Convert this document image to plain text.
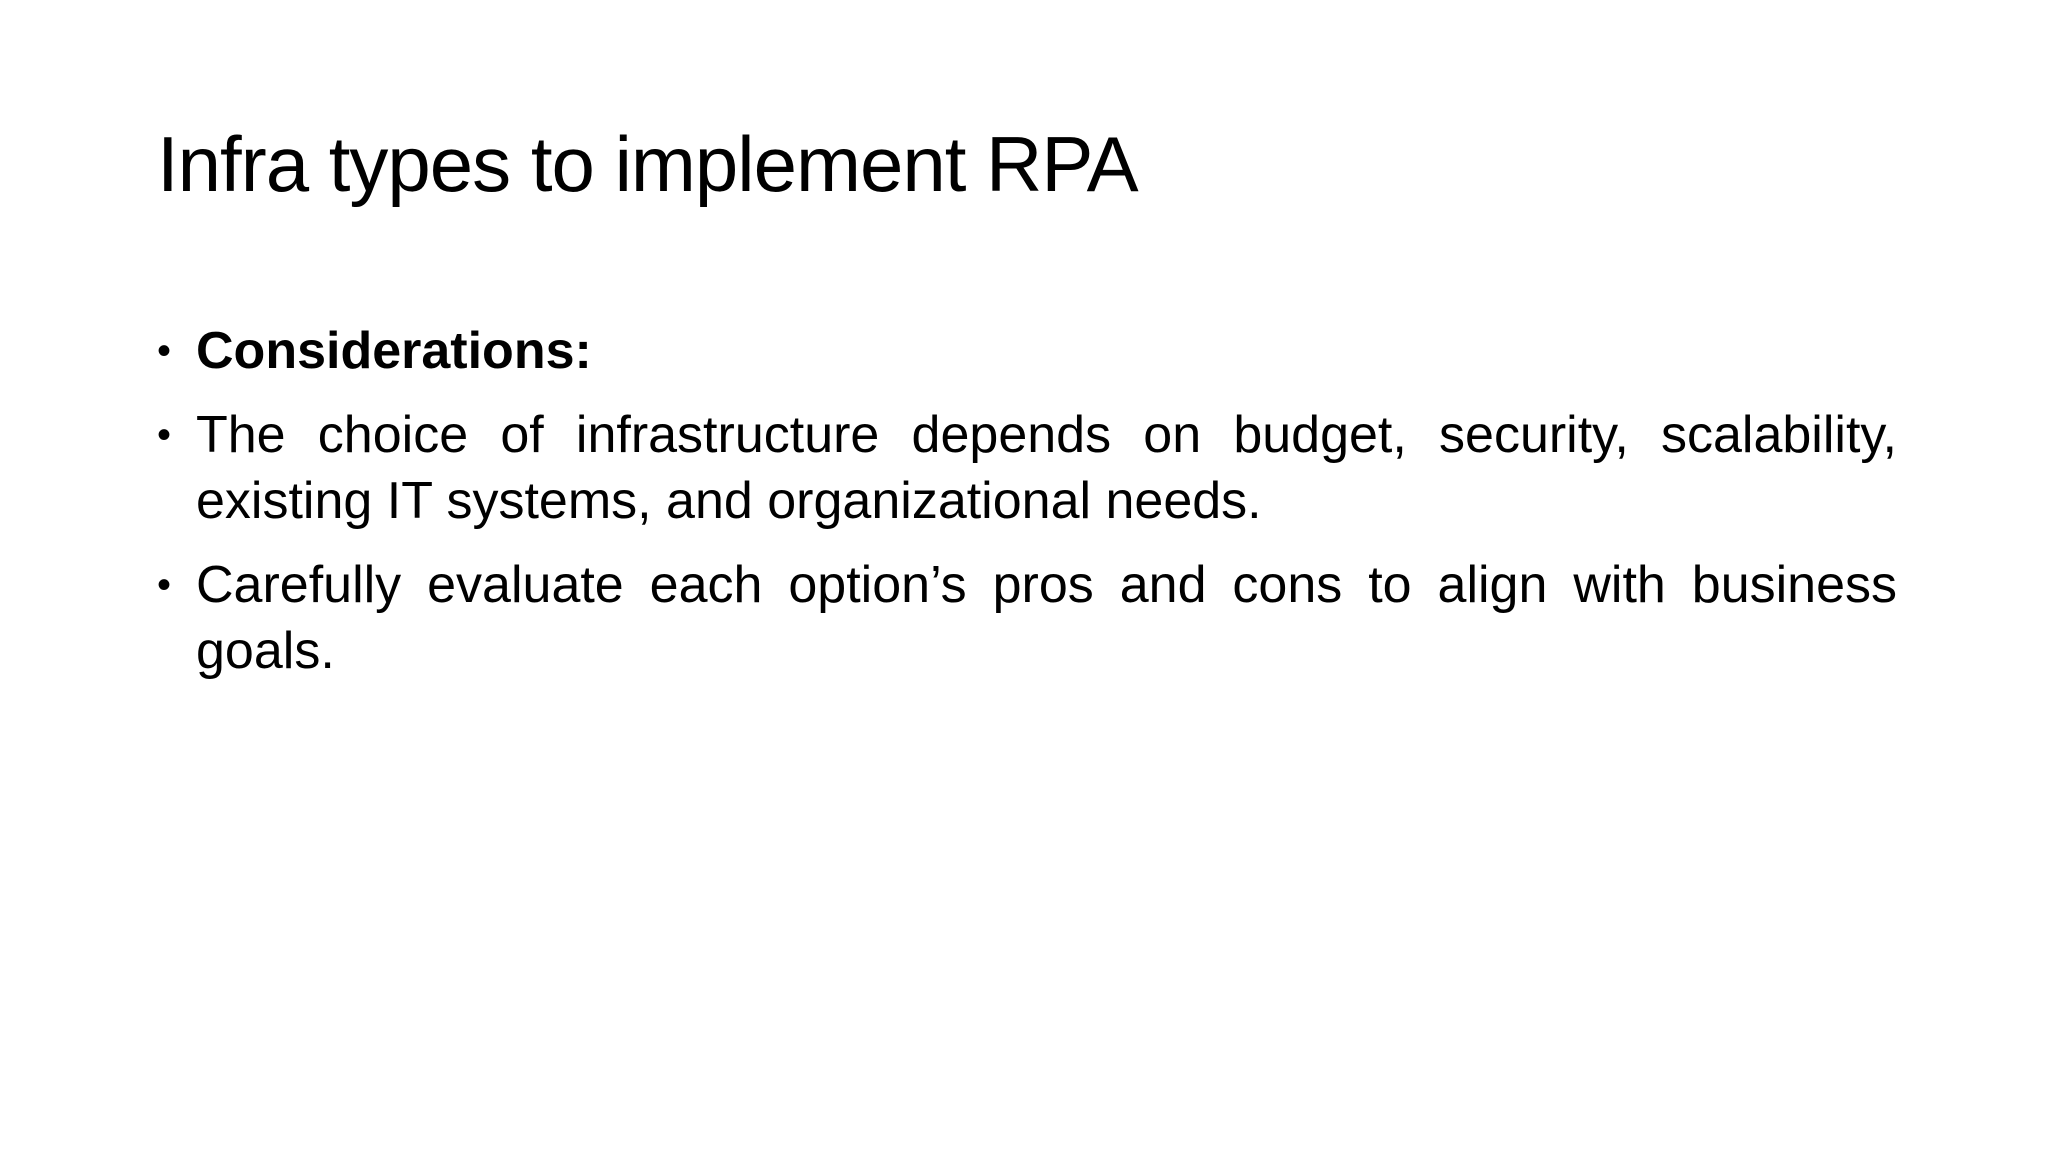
Infra types to implement RPA
• Considerations:
• The choice of infrastructure depends on budget, security, scalability, existing IT systems, and organizational needs.
• Carefully evaluate each option’s pros and cons to align with business goals.
